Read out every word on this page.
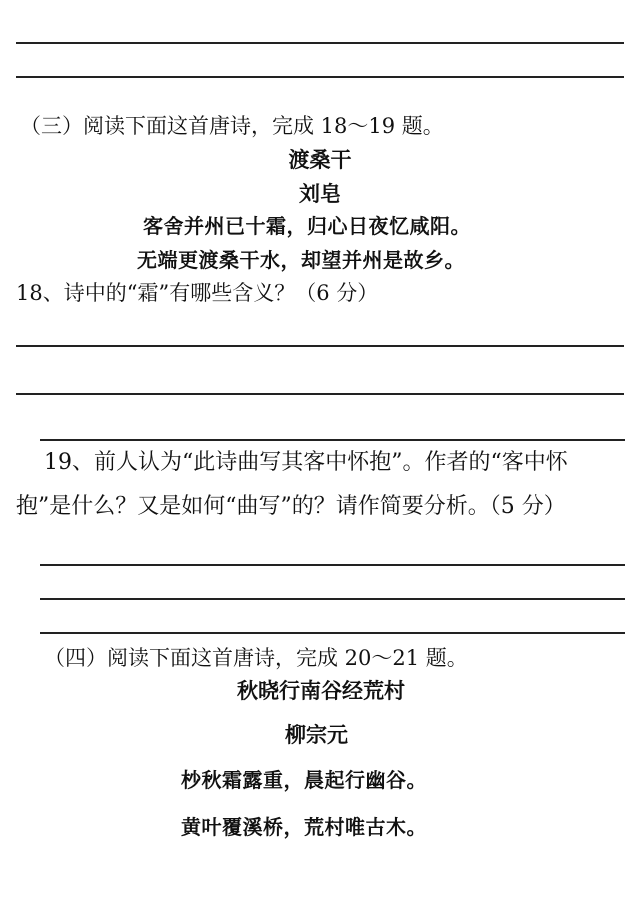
（三）阅读下面这首唐诗，完成 18～19 题。
渡桑干
刘皂
客舍并州已十霜，归心日夜忆咸阳。
无端更渡桑干水，却望并州是故乡。
18、诗中的“霜”有哪些含义？（6 分）
19、前人认为“此诗曲写其客中怀抱”。作者的“客中怀
抱”是什么？又是如何“曲写”的？请作简要分析。（5 分）
（四）阅读下面这首唐诗，完成 20～21 题。
秋晓行南谷经荒村
柳宗元
杪秋霜露重，晨起行幽谷。
黄叶覆溪桥，荒村唯古木。
